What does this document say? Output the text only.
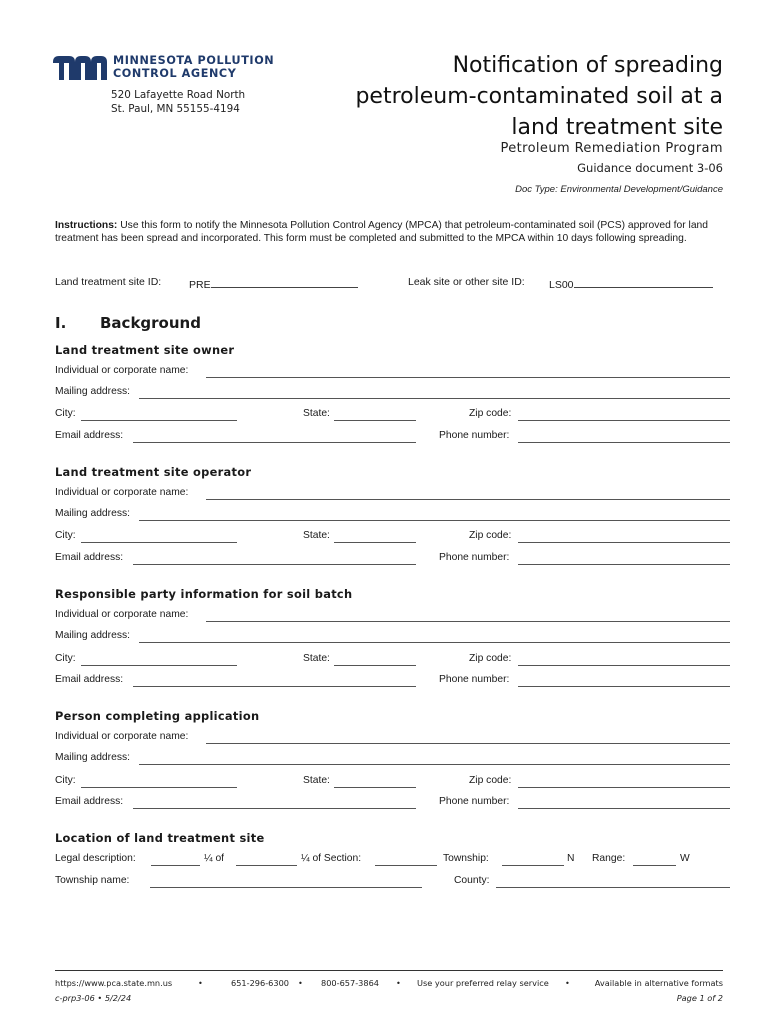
MINNESOTA POLLUTION
CONTROL AGENCY
520 Lafayette Road North
St. Paul, MN 55155-4194
Notification of spreading
petroleum-contaminated soil at a
land treatment site
Petroleum Remediation Program
Guidance document 3-06
Doc Type: Environmental Development/Guidance
Instructions: Use this form to notify the Minnesota Pollution Control Agency (MPCA) that petroleum-contaminated soil (PCS) approved for land treatment has been spread and incorporated. This form must be completed and submitted to the MPCA within 10 days following spreading.
Land treatment site ID:	PRE	Leak site or other site ID: LS00
I. Background
Land treatment site owner
Individual or corporate name:
Mailing address:
City:	State:	Zip code:
Email address:	Phone number:
Land treatment site operator
Individual or corporate name:
Mailing address:
City:	State:	Zip code:
Email address:	Phone number:
Responsible party information for soil batch
Individual or corporate name:
Mailing address:
City:	State:	Zip code:
Email address:	Phone number:
Person completing application
Individual or corporate name:
Mailing address:
City:	State:	Zip code:
Email address:	Phone number:
Location of land treatment site
Legal description:	¼ of	¼ of Section:	Township:	N Range:	W
Township name:	County:
https://www.pca.state.mn.us	•	651-296-6300 • 800-657-3864 • Use your preferred relay service •	Available in alternative formats
c-prp3-06 • 5/2/24	Page 1 of 2
